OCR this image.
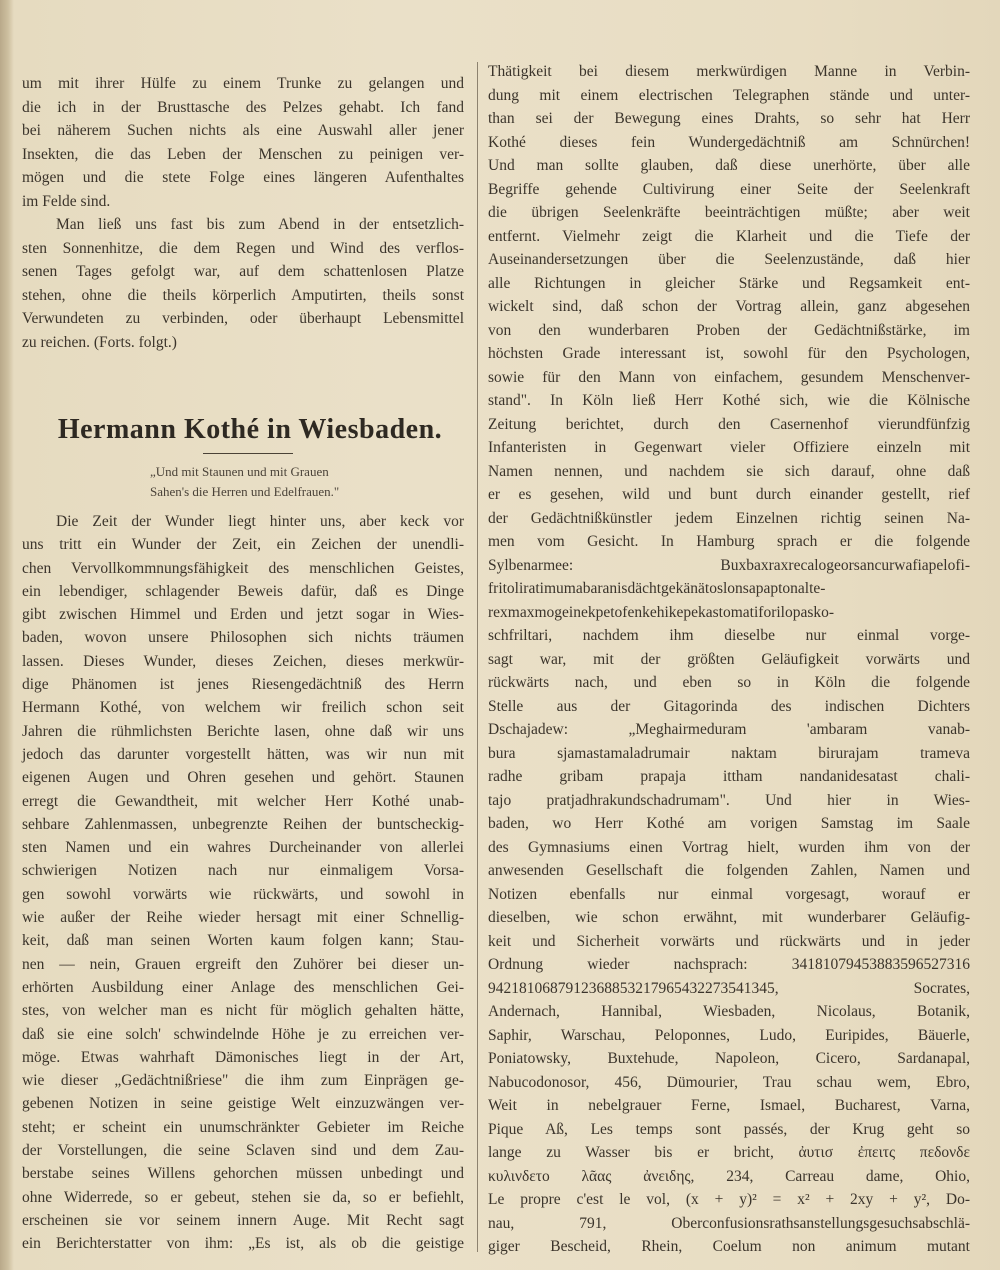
um mit ihrer Hülfe zu einem Trunke zu gelangen und
die ich in der Brusttasche des Pelzes gehabt. Ich fand
bei näherem Suchen nichts als eine Auswahl aller jener
Insekten, die das Leben der Menschen zu peinigen ver-
mögen und die stete Folge eines längeren Aufenthaltes
im Felde sind.
Man ließ uns fast bis zum Abend in der entsetzlich-
sten Sonnenhitze, die dem Regen und Wind des verflos-
senen Tages gefolgt war, auf dem schattenlosen Platze
stehen, ohne die theils körperlich Amputirten, theils sonst
Verwundeten zu verbinden, oder überhaupt Lebensmittel
zu reichen. (Forts. folgt.)
Hermann Kothé in Wiesbaden.
„Und mit Staunen und mit Grauen
Sahen's die Herren und Edelfrauen."
Die Zeit der Wunder liegt hinter uns, aber keck vor
uns tritt ein Wunder der Zeit, ein Zeichen der unendli-
chen Vervollkommnungsfähigkeit des menschlichen Geistes,
ein lebendiger, schlagender Beweis dafür, daß es Dinge
gibt zwischen Himmel und Erden und jetzt sogar in Wies-
baden, wovon unsere Philosophen sich nichts träumen
lassen. Dieses Wunder, dieses Zeichen, dieses merkwür-
dige Phänomen ist jenes Riesengedächtniß des Herrn
Hermann Kothé, von welchem wir freilich schon seit
Jahren die rühmlichsten Berichte lasen, ohne daß wir uns
jedoch das darunter vorgestellt hätten, was wir nun mit
eigenen Augen und Ohren gesehen und gehört. Staunen
erregt die Gewandtheit, mit welcher Herr Kothé unab-
sehbare Zahlenmassen, unbegrenzte Reihen der buntscheckig-
sten Namen und ein wahres Durcheinander von allerlei
schwierigen Notizen nach nur einmaligem Vorsa-
gen sowohl vorwärts wie rückwärts, und sowohl in
wie außer der Reihe wieder hersagt mit einer Schnellig-
keit, daß man seinen Worten kaum folgen kann; Stau-
nen — nein, Grauen ergreift den Zuhörer bei dieser un-
erhörten Ausbildung einer Anlage des menschlichen Gei-
stes, von welcher man es nicht für möglich gehalten hätte,
daß sie eine solch' schwindelnde Höhe je zu erreichen ver-
möge. Etwas wahrhaft Dämonisches liegt in der Art,
wie dieser „Gedächtnißriese" die ihm zum Einprägen ge-
gebenen Notizen in seine geistige Welt einzuzwängen ver-
steht; er scheint ein unumschränkter Gebieter im Reiche
der Vorstellungen, die seine Sclaven sind und dem Zau-
berstabe seines Willens gehorchen müssen unbedingt und
ohne Widerrede, so er gebeut, stehen sie da, so er befiehlt,
erscheinen sie vor seinem innern Auge. Mit Recht sagt
ein Berichterstatter von ihm: „Es ist, als ob die geistige
Thätigkeit bei diesem merkwürdigen Manne in Verbin-
dung mit einem electrischen Telegraphen stände und unter-
than sei der Bewegung eines Drahts, so sehr hat Herr
Kothé dieses fein Wundergedächtniß am Schnürchen!
Und man sollte glauben, daß diese unerhörte, über alle
Begriffe gehende Cultivirung einer Seite der Seelenkraft
die übrigen Seelenkräfte beeinträchtigen müßte; aber weit
entfernt. Vielmehr zeigt die Klarheit und die Tiefe der
Auseinandersetzungen über die Seelenzustände, daß hier
alle Richtungen in gleicher Stärke und Regsamkeit ent-
wickelt sind, daß schon der Vortrag allein, ganz abgesehen
von den wunderbaren Proben der Gedächtnißstärke, im
höchsten Grade interessant ist, sowohl für den Psychologen,
sowie für den Mann von einfachem, gesundem Menschenver-
stand". In Köln ließ Herr Kothé sich, wie die Kölnische
Zeitung berichtet, durch den Casernenhof vierundfünfzig
Infanteristen in Gegenwart vieler Offiziere einzeln mit
Namen nennen, und nachdem sie sich darauf, ohne daß
er es gesehen, wild und bunt durch einander gestellt, rief
der Gedächtnißkünstler jedem Einzelnen richtig seinen Na-
men vom Gesicht. In Hamburg sprach er die folgende
Sylbenarmee: Buxbaxraxrecalogeorsancurwafiapelofi-
fritoliratimumabaranisdächtgekänätoslonsapaptonalte-
rexmaxmogeinekpetofenkehikepekastomatiforilopasko-
schfriltari, nachdem ihm dieselbe nur einmal vorge-
sagt war, mit der größten Geläufigkeit vorwärts und
rückwärts nach, und eben so in Köln die folgende
Stelle aus der Gitagorinda des indischen Dichters
Dschajadew: „Meghairmeduram 'ambaram vanab-
bura sjamastamaladrumair naktam birurajam trameva
radhe gribam prapaja ittham nandanidesatast chali-
tajo pratjadhrakundschadrumam". Und hier in Wies-
baden, wo Herr Kothé am vorigen Samstag im Saale
des Gymnasiums einen Vortrag hielt, wurden ihm von der
anwesenden Gesellschaft die folgenden Zahlen, Namen und
Notizen ebenfalls nur einmal vorgesagt, worauf er
dieselben, wie schon erwähnt, mit wunderbarer Geläufig-
keit und Sicherheit vorwärts und rückwärts und in jeder
Ordnung wieder nachsprach: 34181079453883596527316
9421810687912368853217965432273541345, Socrates,
Andernach, Hannibal, Wiesbaden, Nicolaus, Botanik,
Saphir, Warschau, Peloponnes, Ludo, Euripides, Bäuerle,
Poniatowsky, Buxtehude, Napoleon, Cicero, Sardanapal,
Nabucodonosor, 456, Dümourier, Trau schau wem, Ebro,
Weit in nebelgrauer Ferne, Ismael, Bucharest, Varna,
Pique Aß, Les temps sont passés, der Krug geht so
lange zu Wasser bis er bricht, ἀυτισ ἐπειτς πεδονδε
κυλινδετο λᾶας ἀνειδης, 234, Carreau dame, Ohio,
Le propre c'est le vol, (x + y)² = x² + 2xy + y², Do-
nau, 791, Oberconfusionsrathsanstellungsgesuchsabschlä-
giger Bescheid, Rhein, Coelum non animum mutant
